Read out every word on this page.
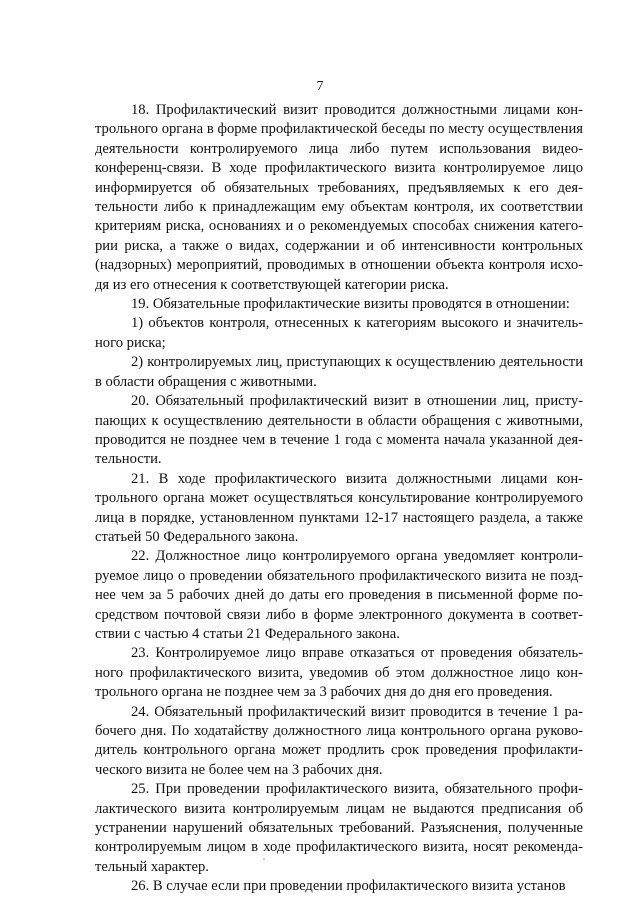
7

18. Профилактический визит проводится должностными лицами контрольного органа в форме профилактической беседы по месту осуществления деятельности контролируемого лица либо путем использования видео-конференц-связи. В ходе профилактического визита контролируемое лицо информируется об обязательных требованиях, предъявляемых к его деятельности либо к принадлежащим ему объектам контроля, их соответствии критериям риска, основаниях и о рекомендуемых способах снижения категории риска, а также о видах, содержании и об интенсивности контрольных (надзорных) мероприятий, проводимых в отношении объекта контроля исходя из его отнесения к соответствующей категории риска.

19. Обязательные профилактические визиты проводятся в отношении:

1) объектов контроля, отнесенных к категориям высокого и значительного риска;

2) контролируемых лиц, приступающих к осуществлению деятельности в области обращения с животными.

20. Обязательный профилактический визит в отношении лиц, приступающих к осуществлению деятельности в области обращения с животными, проводится не позднее чем в течение 1 года с момента начала указанной деятельности.

21. В ходе профилактического визита должностными лицами контрольного органа может осуществляться консультирование контролируемого лица в порядке, установленном пунктами 12-17 настоящего раздела, а также статьей 50 Федерального закона.

22. Должностное лицо контролируемого органа уведомляет контролируемое лицо о проведении обязательного профилактического визита не позднее чем за 5 рабочих дней до даты его проведения в письменной форме посредством почтовой связи либо в форме электронного документа в соответствии с частью 4 статьи 21 Федерального закона.

23. Контролируемое лицо вправе отказаться от проведения обязательного профилактического визита, уведомив об этом должностное лицо контрольного органа не позднее чем за 3 рабочих дня до дня его проведения.

24. Обязательный профилактический визит проводится в течение 1 рабочего дня. По ходатайству должностного лица контрольного органа руководитель контрольного органа может продлить срок проведения профилактического визита не более чем на 3 рабочих дня.

25. При проведении профилактического визита, обязательного профилактического визита контролируемым лицам не выдаются предписания об устранении нарушений обязательных требований. Разъяснения, полученные контролируемым лицом в ходе профилактического визита, носят рекомендательный характер.

26. В случае если при проведении профилактического визита установ
